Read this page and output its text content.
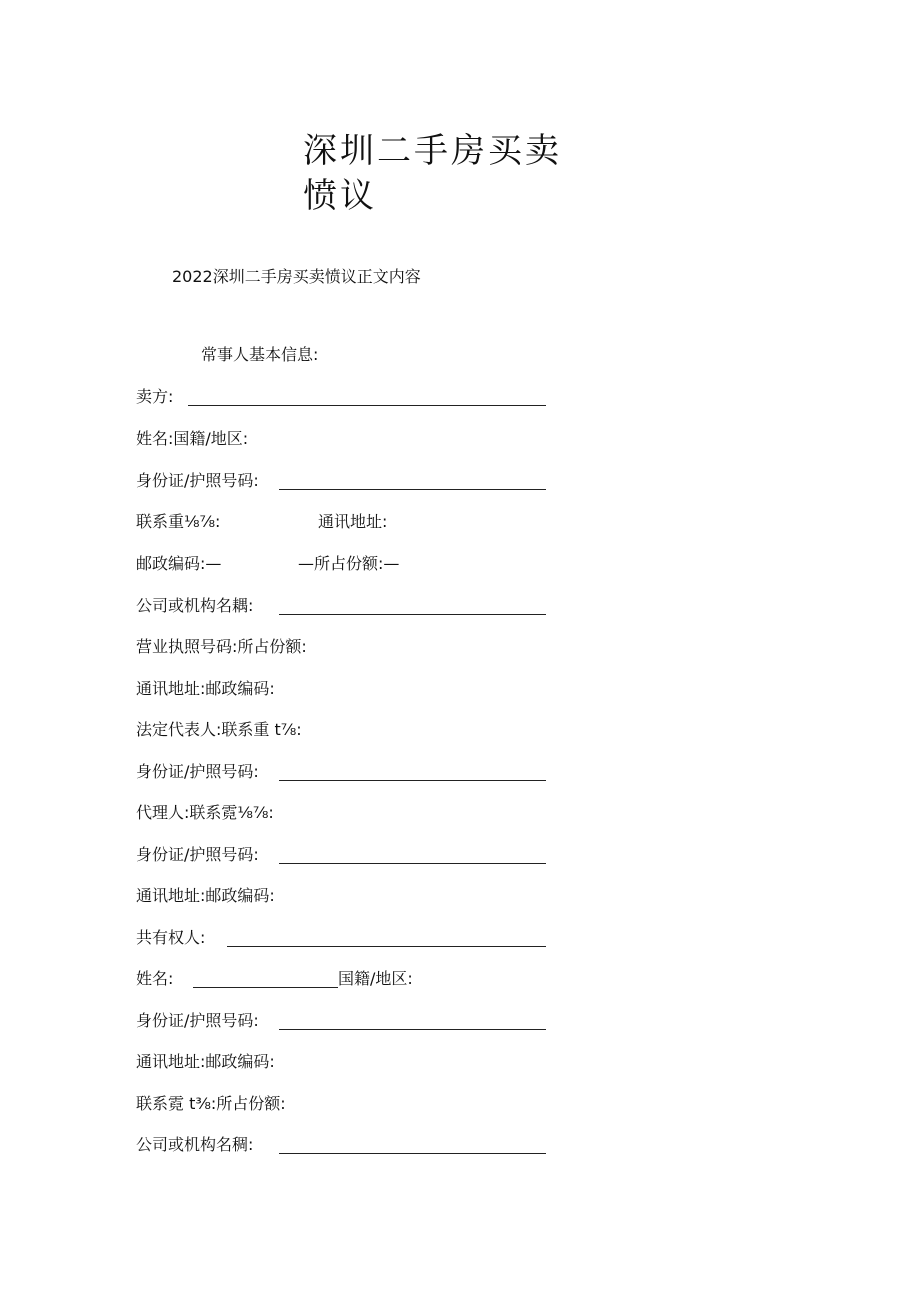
深圳二手房买卖
愤议
2022深圳二手房买卖愤议正文内容
常事人基本信息:
卖方:
姓名:国籍/地区:
身份证/护照号码:
联系重⅛⅞:	通讯地址:
邮政编码:—	—所占份额:—
公司或机构名耦:
营业执照号码:所占份额:
通讯地址:邮政编码:
法定代表人:联系重 t⅞:
身份证/护照号码:
代理人:联系霓⅛⅞:
身份证/护照号码:
通讯地址:邮政编码:
共有权人:
姓名:	国籍/地区:
身份证/护照号码:
通讯地址:邮政编码:
联系霓 t⅜:所占份额:
公司或机构名稠:
